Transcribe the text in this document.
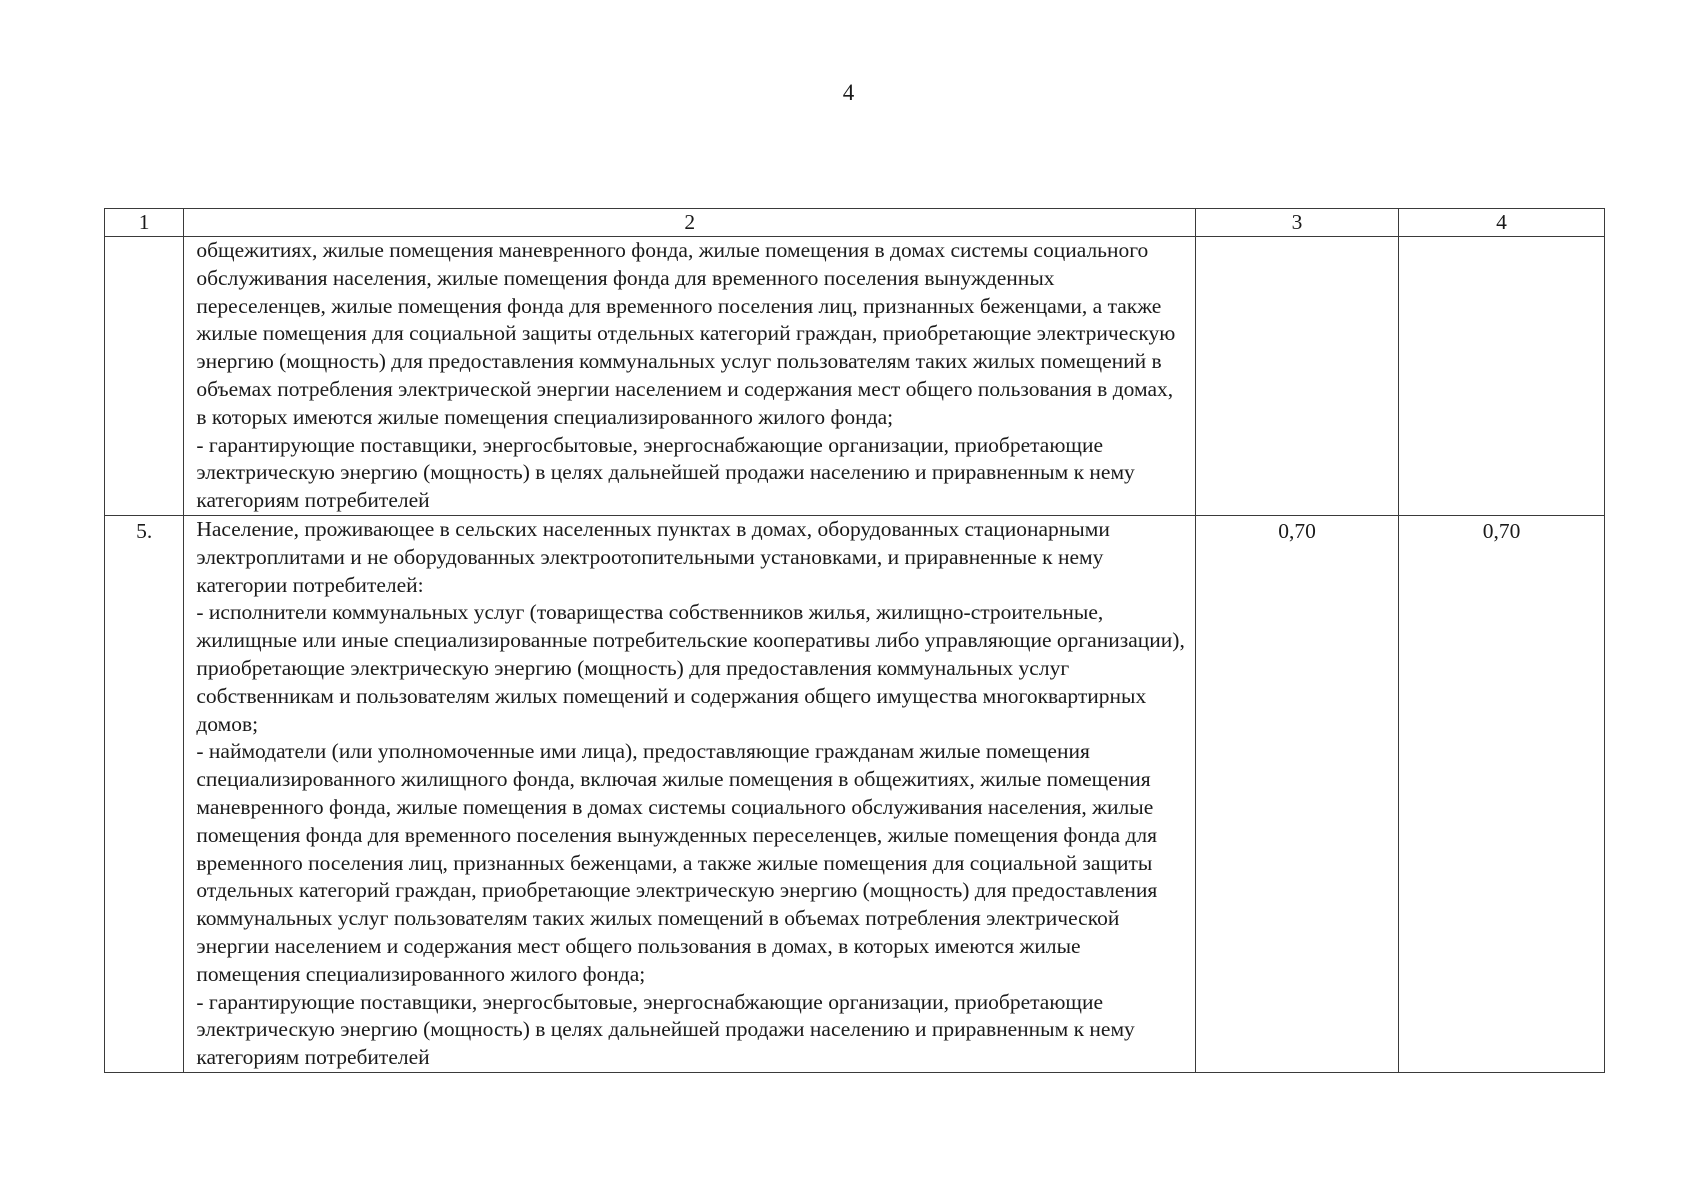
4
1	2	3	4

	общежитиях, жилые помещения маневренного фонда, жилые помещения в домах системы социального обслуживания населения, жилые помещения фонда для временного поселения вынужденных переселенцев, жилые помещения фонда для временного поселения лиц, признанных беженцами, а также жилые помещения для социальной защиты отдельных категорий граждан, приобретающие электрическую энергию (мощность) для предоставления коммунальных услуг пользователям таких жилых помещений в объемах потребления электрической энергии населением и содержания мест общего пользования в домах, в которых имеются жилые помещения специализированного жилого фонда;
- гарантирующие поставщики, энергосбытовые, энергоснабжающие организации, приобретающие электрическую энергию (мощность) в целях дальнейшей продажи населению и приравненным к нему категориям потребителей		

5.	Население, проживающее в сельских населенных пунктах в домах, оборудованных стационарными электроплитами и не оборудованных электроотопительными установками, и приравненные к нему категории потребителей:
- исполнители коммунальных услуг (товарищества собственников жилья, жилищно-строительные, жилищные или иные специализированные потребительские кооперативы либо управляющие организации), приобретающие электрическую энергию (мощность) для предоставления коммунальных услуг собственникам и пользователям жилых помещений и содержания общего имущества многоквартирных домов;
- наймодатели (или уполномоченные ими лица), предоставляющие гражданам жилые помещения специализированного жилищного фонда, включая жилые помещения в общежитиях, жилые помещения маневренного фонда, жилые помещения в домах системы социального обслуживания населения, жилые помещения фонда для временного поселения вынужденных переселенцев, жилые помещения фонда для временного поселения лиц, признанных беженцами, а также жилые помещения для социальной защиты отдельных категорий граждан, приобретающие электрическую энергию (мощность) для предоставления коммунальных услуг пользователям таких жилых помещений в объемах потребления электрической энергии населением и содержания мест общего пользования в домах, в которых имеются жилые помещения специализированного жилого фонда;
- гарантирующие поставщики, энергосбытовые, энергоснабжающие организации, приобретающие электрическую энергию (мощность) в целях дальнейшей продажи населению и приравненным к нему категориям потребителей	0,70	0,70
